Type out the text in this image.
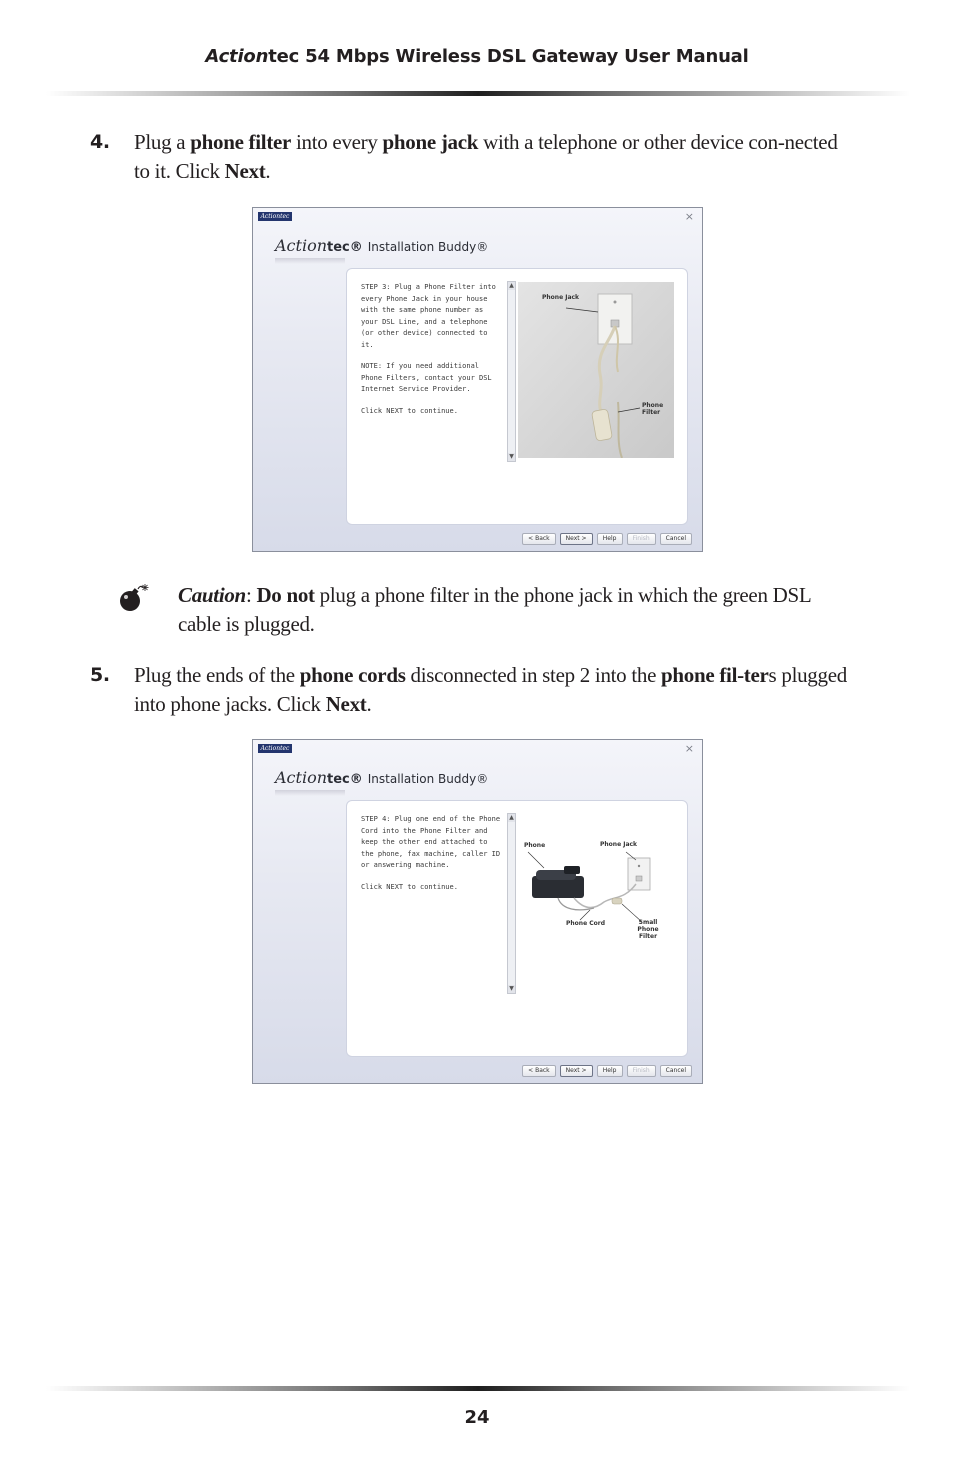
Actiontec 54 Mbps Wireless DSL Gateway User Manual
4. Plug a phone filter into every phone jack with a telephone or other device con-nected to it. Click Next.
Actiontec	×
Action tec® Installation Buddy®

STEP 3: Plug a Phone Filter into every Phone Jack in your house with the same phone number as your DSL Line, and a telephone (or other device) connected to it.

NOTE: If you need additional Phone Filters, contact your DSL Internet Service Provider.

Click NEXT to continue.

▲
▼
Phone Jack
Phone Filter
< Back	Next >	Help	Finish	Cancel
Caution: Do not plug a phone filter in the phone jack in which the green DSL cable is plugged.
5. Plug the ends of the phone cords disconnected in step 2 into the phone fil-ters plugged into phone jacks. Click Next.
Actiontec	×
Action tec® Installation Buddy®

STEP 4: Plug one end of the Phone Cord into the Phone Filter and keep the other end attached to the phone, fax machine, caller ID or answering machine.

Click NEXT to continue.

▲
▼
Phone	Phone Jack
Phone Cord	Small Phone Filter
< Back	Next >	Help	Finish	Cancel
24
